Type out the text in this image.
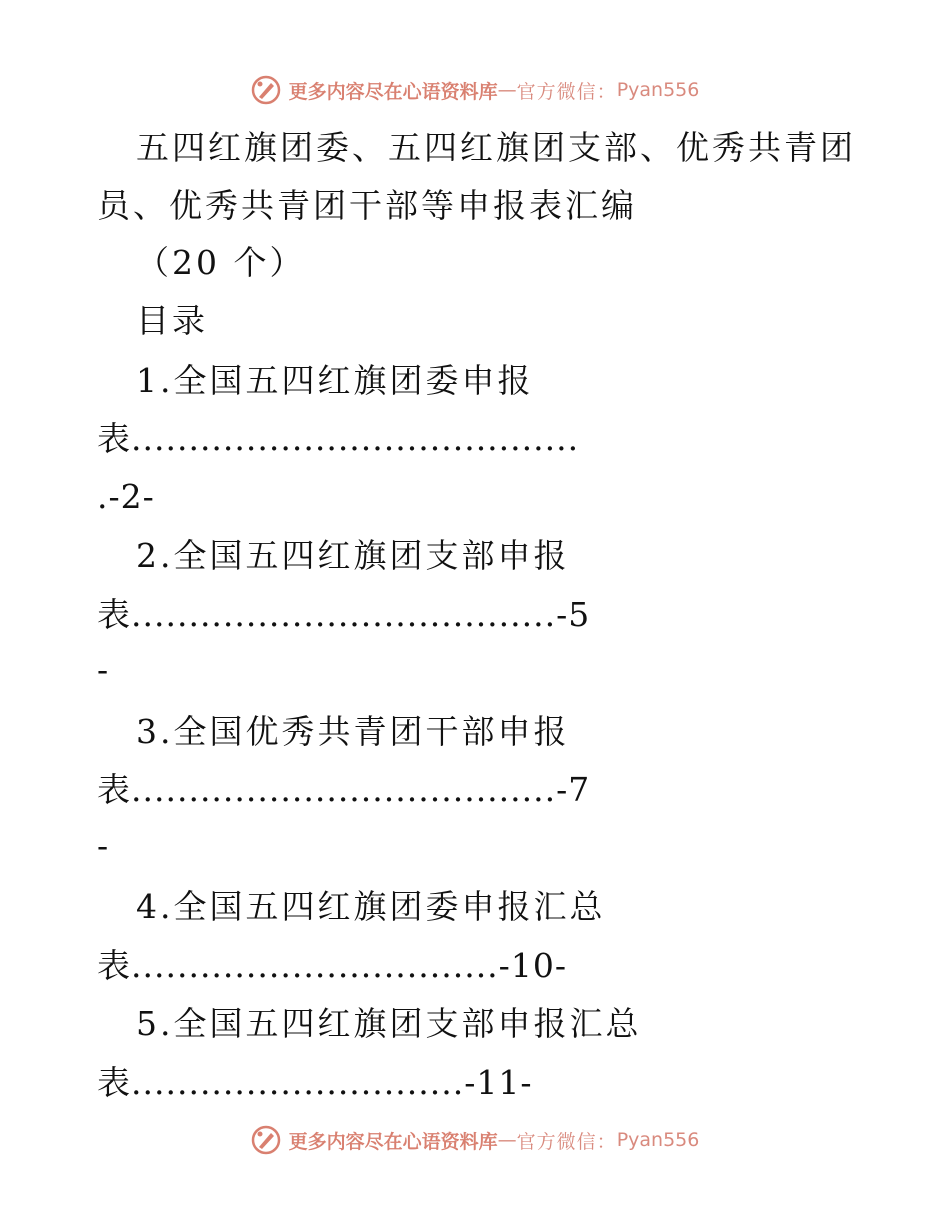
更多内容尽在心语资料库 — 官方微信： Pyan556
五四红旗团委、五四红旗团支部、优秀共青团
员、优秀共青团干部等申报表汇编
（20 个）
目录
1.全国五四红旗团委申报
表.......................................
.-2-
2.全国五四红旗团支部申报
表.....................................-5
-
3.全国优秀共青团干部申报
表.....................................-7
-
4.全国五四红旗团委申报汇总
表................................-10-
5.全国五四红旗团支部申报汇总
表.............................-11-
更多内容尽在心语资料库 — 官方微信： Pyan556
